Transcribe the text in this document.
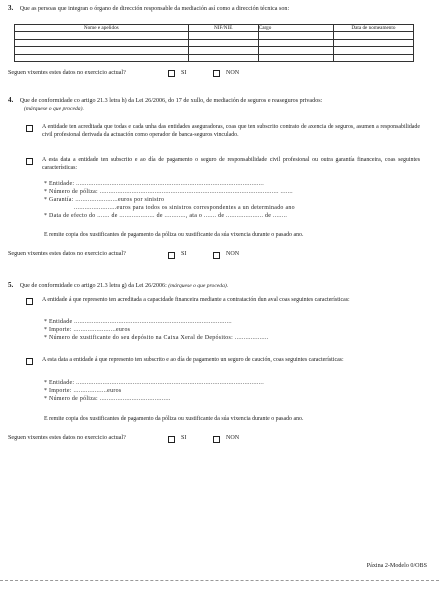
3. Que as persoas que integran o órgano de dirección responsable da mediación así como a dirección técnica son:
Nome e apelidos	NIF/NIE	Cargo	Data de nomeamento

Seguen vixentes estes datos no exercicio actual?	SI	NON
4. Que de conformidade co artigo 21.3 letra h) da Lei 26/2006, do 17 de xullo, de mediación de seguros e reaseguros privados:
(márquese o que proceda).
A entidade ten acreditada que todas e cada unha das entidades aseguradoras, coas que ten subscrito contrato de axencia de seguros, asumen a responsabilidade civil profesional derivada da actuación como operador de banca-seguros vinculado.
A esta data a entidade ten subscrito e ao día de pagamento o seguro de responsabilidade civil profesional ou outra garantía financeira, coas seguintes características:
* Entidade: ..........................................................................................................
* Número de póliza: ..................................................................................................... .......
* Garantía: ........................euros por sinistro
........................euros para todos os sinistros correspondentes a un determinado ano
* Data de efecto do ....... de .................... de ............, ata o ....... de ..................... de ........
E remite copia dos xustificantes de pagamento da póliza ou xustificante da súa vixencia durante o pasado ano.
Seguen vixentes estes datos no exercicio actual?	SI	NON
5. Que de conformidade co artigo 21.3 letra g) da Lei 26/2006: (márquese o que proceda).
A entidade á que represento ten acreditada a capacidade financeira mediante a contratación dun aval coas seguintes características:
* Entidade .........................................................................................
* Importe: ........................euros
* Número de xustificante do seu depósito na Caixa Xeral de Depósitos: ...................
A esta data a entidade á que represento ten subscrito e ao día de pagamento un seguro de caución, coas seguintes características:
* Entidade: ..........................................................................................................
* Importe: ...................euros
* Número de póliza: ........................................
E remite copia dos xustificantes de pagamento da póliza ou xustificante da súa vixencia durante o pasado ano.
Seguen vixentes estes datos no exercicio actual?	SI	NON
Páxina 2-Modelo 0/OBS
